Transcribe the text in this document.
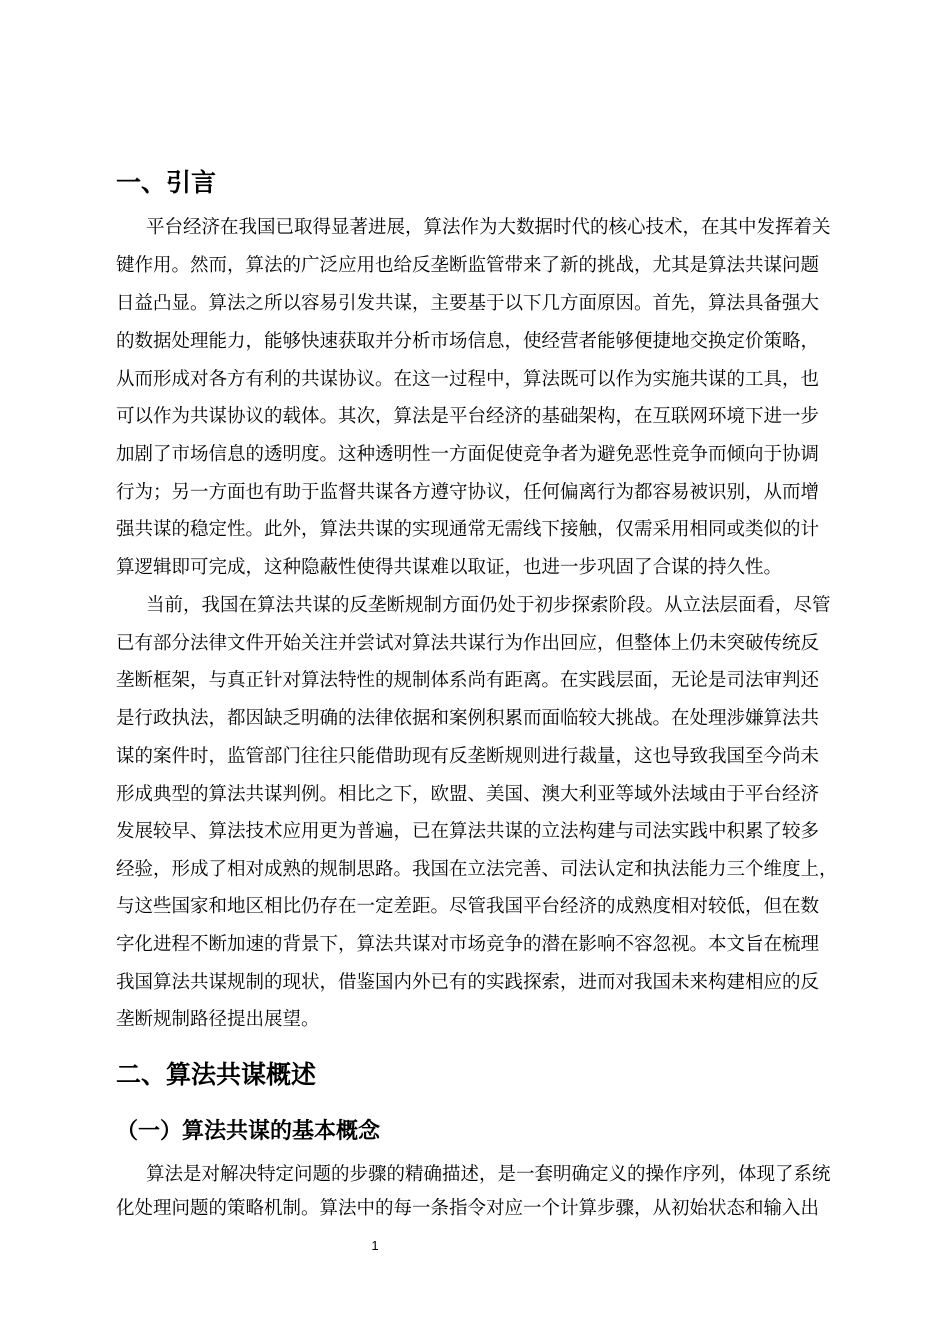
一、引言
平台经济在我国已取得显著进展，算法作为大数据时代的核心技术，在其中发挥着关
键作用。然而，算法的广泛应用也给反垄断监管带来了新的挑战，尤其是算法共谋问题
日益凸显。算法之所以容易引发共谋，主要基于以下几方面原因。首先，算法具备强大
的数据处理能力，能够快速获取并分析市场信息，使经营者能够便捷地交换定价策略，
从而形成对各方有利的共谋协议。在这一过程中，算法既可以作为实施共谋的工具，也
可以作为共谋协议的载体。其次，算法是平台经济的基础架构，在互联网环境下进一步
加剧了市场信息的透明度。这种透明性一方面促使竞争者为避免恶性竞争而倾向于协调
行为；另一方面也有助于监督共谋各方遵守协议，任何偏离行为都容易被识别，从而增
强共谋的稳定性。此外，算法共谋的实现通常无需线下接触，仅需采用相同或类似的计
算逻辑即可完成，这种隐蔽性使得共谋难以取证，也进一步巩固了合谋的持久性。
当前，我国在算法共谋的反垄断规制方面仍处于初步探索阶段。从立法层面看，尽管
已有部分法律文件开始关注并尝试对算法共谋行为作出回应，但整体上仍未突破传统反
垄断框架，与真正针对算法特性的规制体系尚有距离。在实践层面，无论是司法审判还
是行政执法，都因缺乏明确的法律依据和案例积累而面临较大挑战。在处理涉嫌算法共
谋的案件时，监管部门往往只能借助现有反垄断规则进行裁量，这也导致我国至今尚未
形成典型的算法共谋判例。相比之下，欧盟、美国、澳大利亚等域外法域由于平台经济
发展较早、算法技术应用更为普遍，已在算法共谋的立法构建与司法实践中积累了较多
经验，形成了相对成熟的规制思路。我国在立法完善、司法认定和执法能力三个维度上，
与这些国家和地区相比仍存在一定差距。尽管我国平台经济的成熟度相对较低，但在数
字化进程不断加速的背景下，算法共谋对市场竞争的潜在影响不容忽视。本文旨在梳理
我国算法共谋规制的现状，借鉴国内外已有的实践探索，进而对我国未来构建相应的反
垄断规制路径提出展望。
二、算法共谋概述
（一）算法共谋的基本概念
算法是对解决特定问题的步骤的精确描述，是一套明确定义的操作序列，体现了系统
化处理问题的策略机制。算法中的每一条指令对应一个计算步骤，从初始状态和输入出
1
